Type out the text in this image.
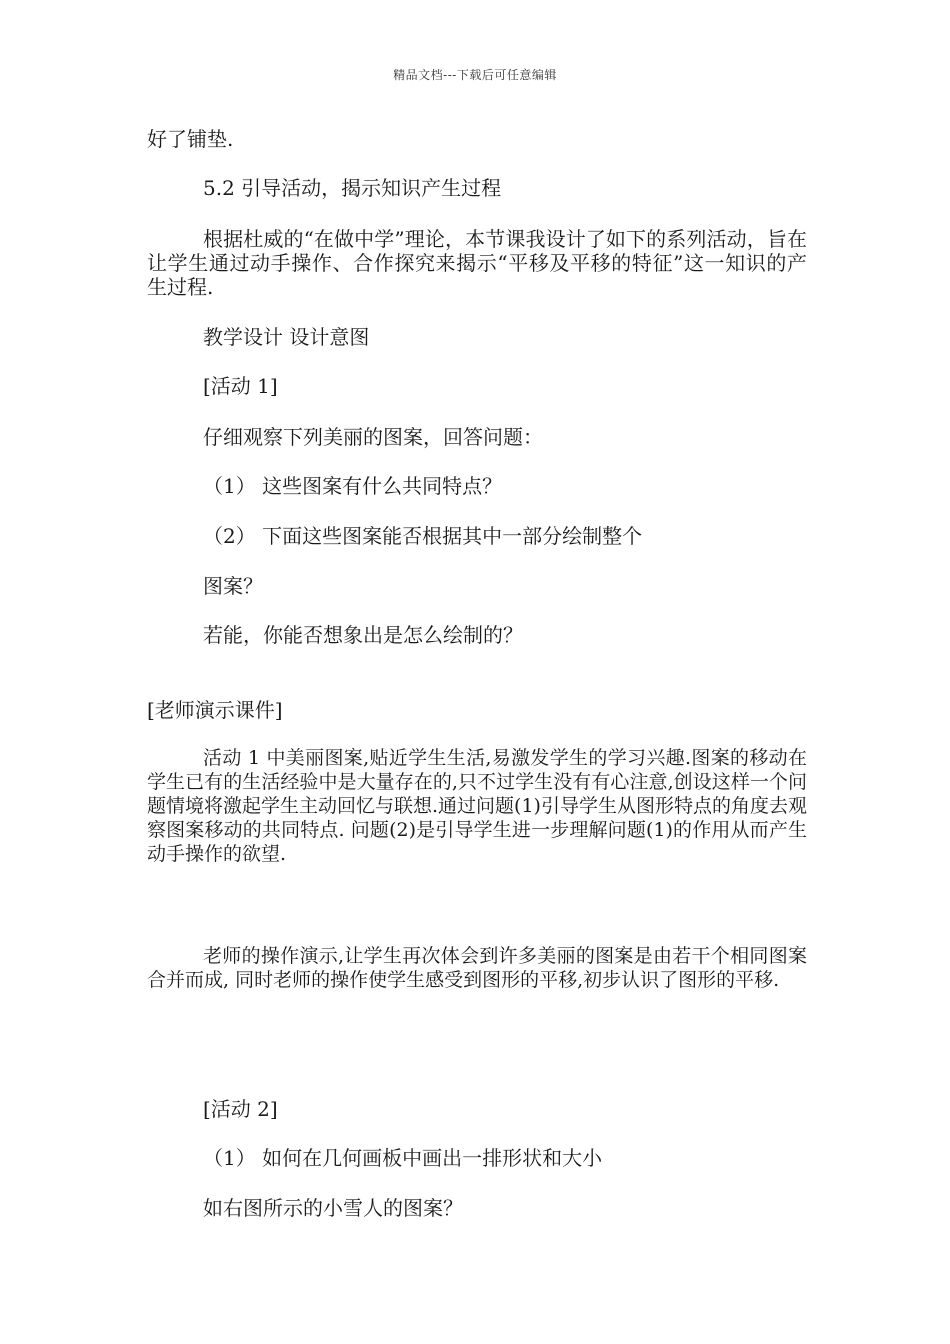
精品文档---下载后可任意编辑
好了铺垫.
5.2 引导活动，揭示知识产生过程
根据杜威的“在做中学”理论，本节课我设计了如下的系列活动，旨在让学生通过动手操作、合作探究来揭示“平移及平移的特征”这一知识的产生过程.
教学设计 设计意图
[活动 1]
仔细观察下列美丽的图案，回答问题：
（1） 这些图案有什么共同特点？
（2） 下面这些图案能否根据其中一部分绘制整个
图案？
若能，你能否想象出是怎么绘制的？
[老师演示课件]
活动 1 中美丽图案,贴近学生生活,易激发学生的学习兴趣.图案的移动在学生已有的生活经验中是大量存在的,只不过学生没有有心注意,创设这样一个问题情境将激起学生主动回忆与联想.通过问题(1)引导学生从图形特点的角度去观察图案移动的共同特点. 问题(2)是引导学生进一步理解问题(1)的作用从而产生动手操作的欲望.
老师的操作演示,让学生再次体会到许多美丽的图案是由若干个相同图案合并而成, 同时老师的操作使学生感受到图形的平移,初步认识了图形的平移.
[活动 2]
（1） 如何在几何画板中画出一排形状和大小
如右图所示的小雪人的图案？
